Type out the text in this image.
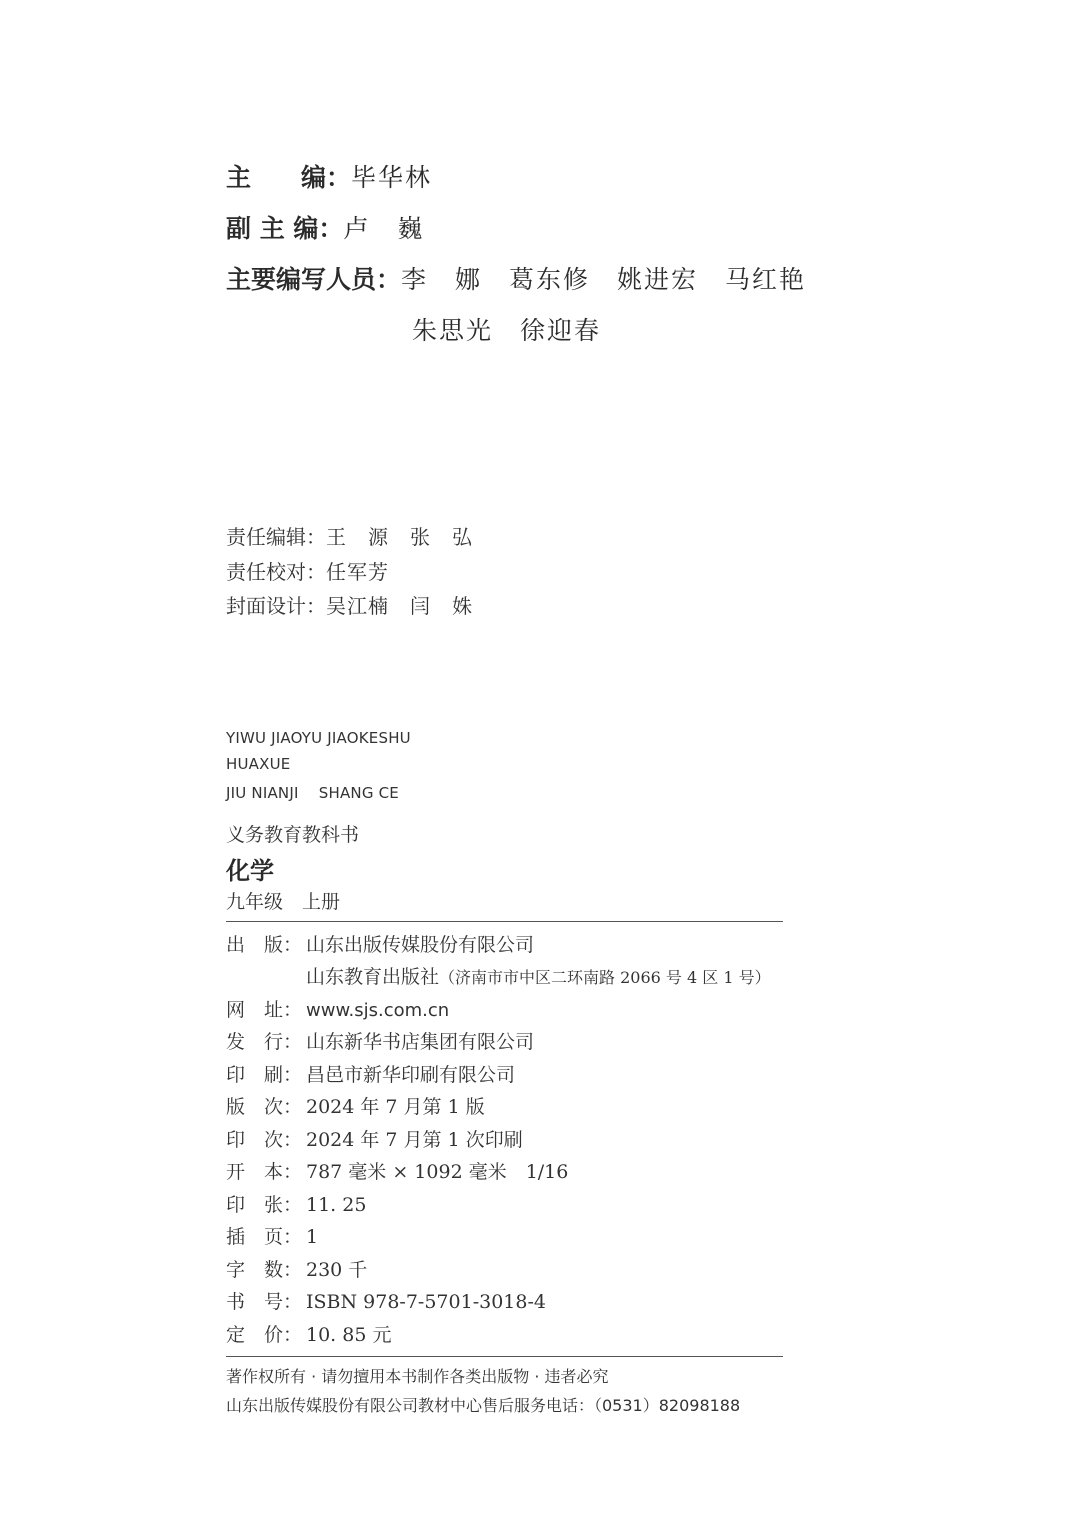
主　　编：毕华林
副 主 编：卢　巍
主要编写人员：李　娜　葛东修　姚进宏　马红艳
朱思光　徐迎春
责任编辑：王　源　张　弘
责任校对：任军芳
封面设计：吴江楠　闫　姝
YIWU JIAOYU JIAOKESHU
HUAXUE
JIU NIANJI　 SHANG CE
义务教育教科书
化学
九年级　上册
出　版： 山东出版传媒股份有限公司
山东教育出版社（济南市市中区二环南路 2066 号 4 区 1 号）
网　址： www.sjs.com.cn
发　行： 山东新华书店集团有限公司
印　刷： 昌邑市新华印刷有限公司
版　次： 2024 年 7 月第 1 版
印　次： 2024 年 7 月第 1 次印刷
开　本： 787 毫米 × 1092 毫米　1/16
印　张： 11. 25
插　页： 1
字　数： 230 千
书　号： ISBN 978-7-5701-3018-4
定　价： 10. 85 元
著作权所有 · 请勿擅用本书制作各类出版物 · 违者必究
山东出版传媒股份有限公司教材中心售后服务电话：（0531）82098188
